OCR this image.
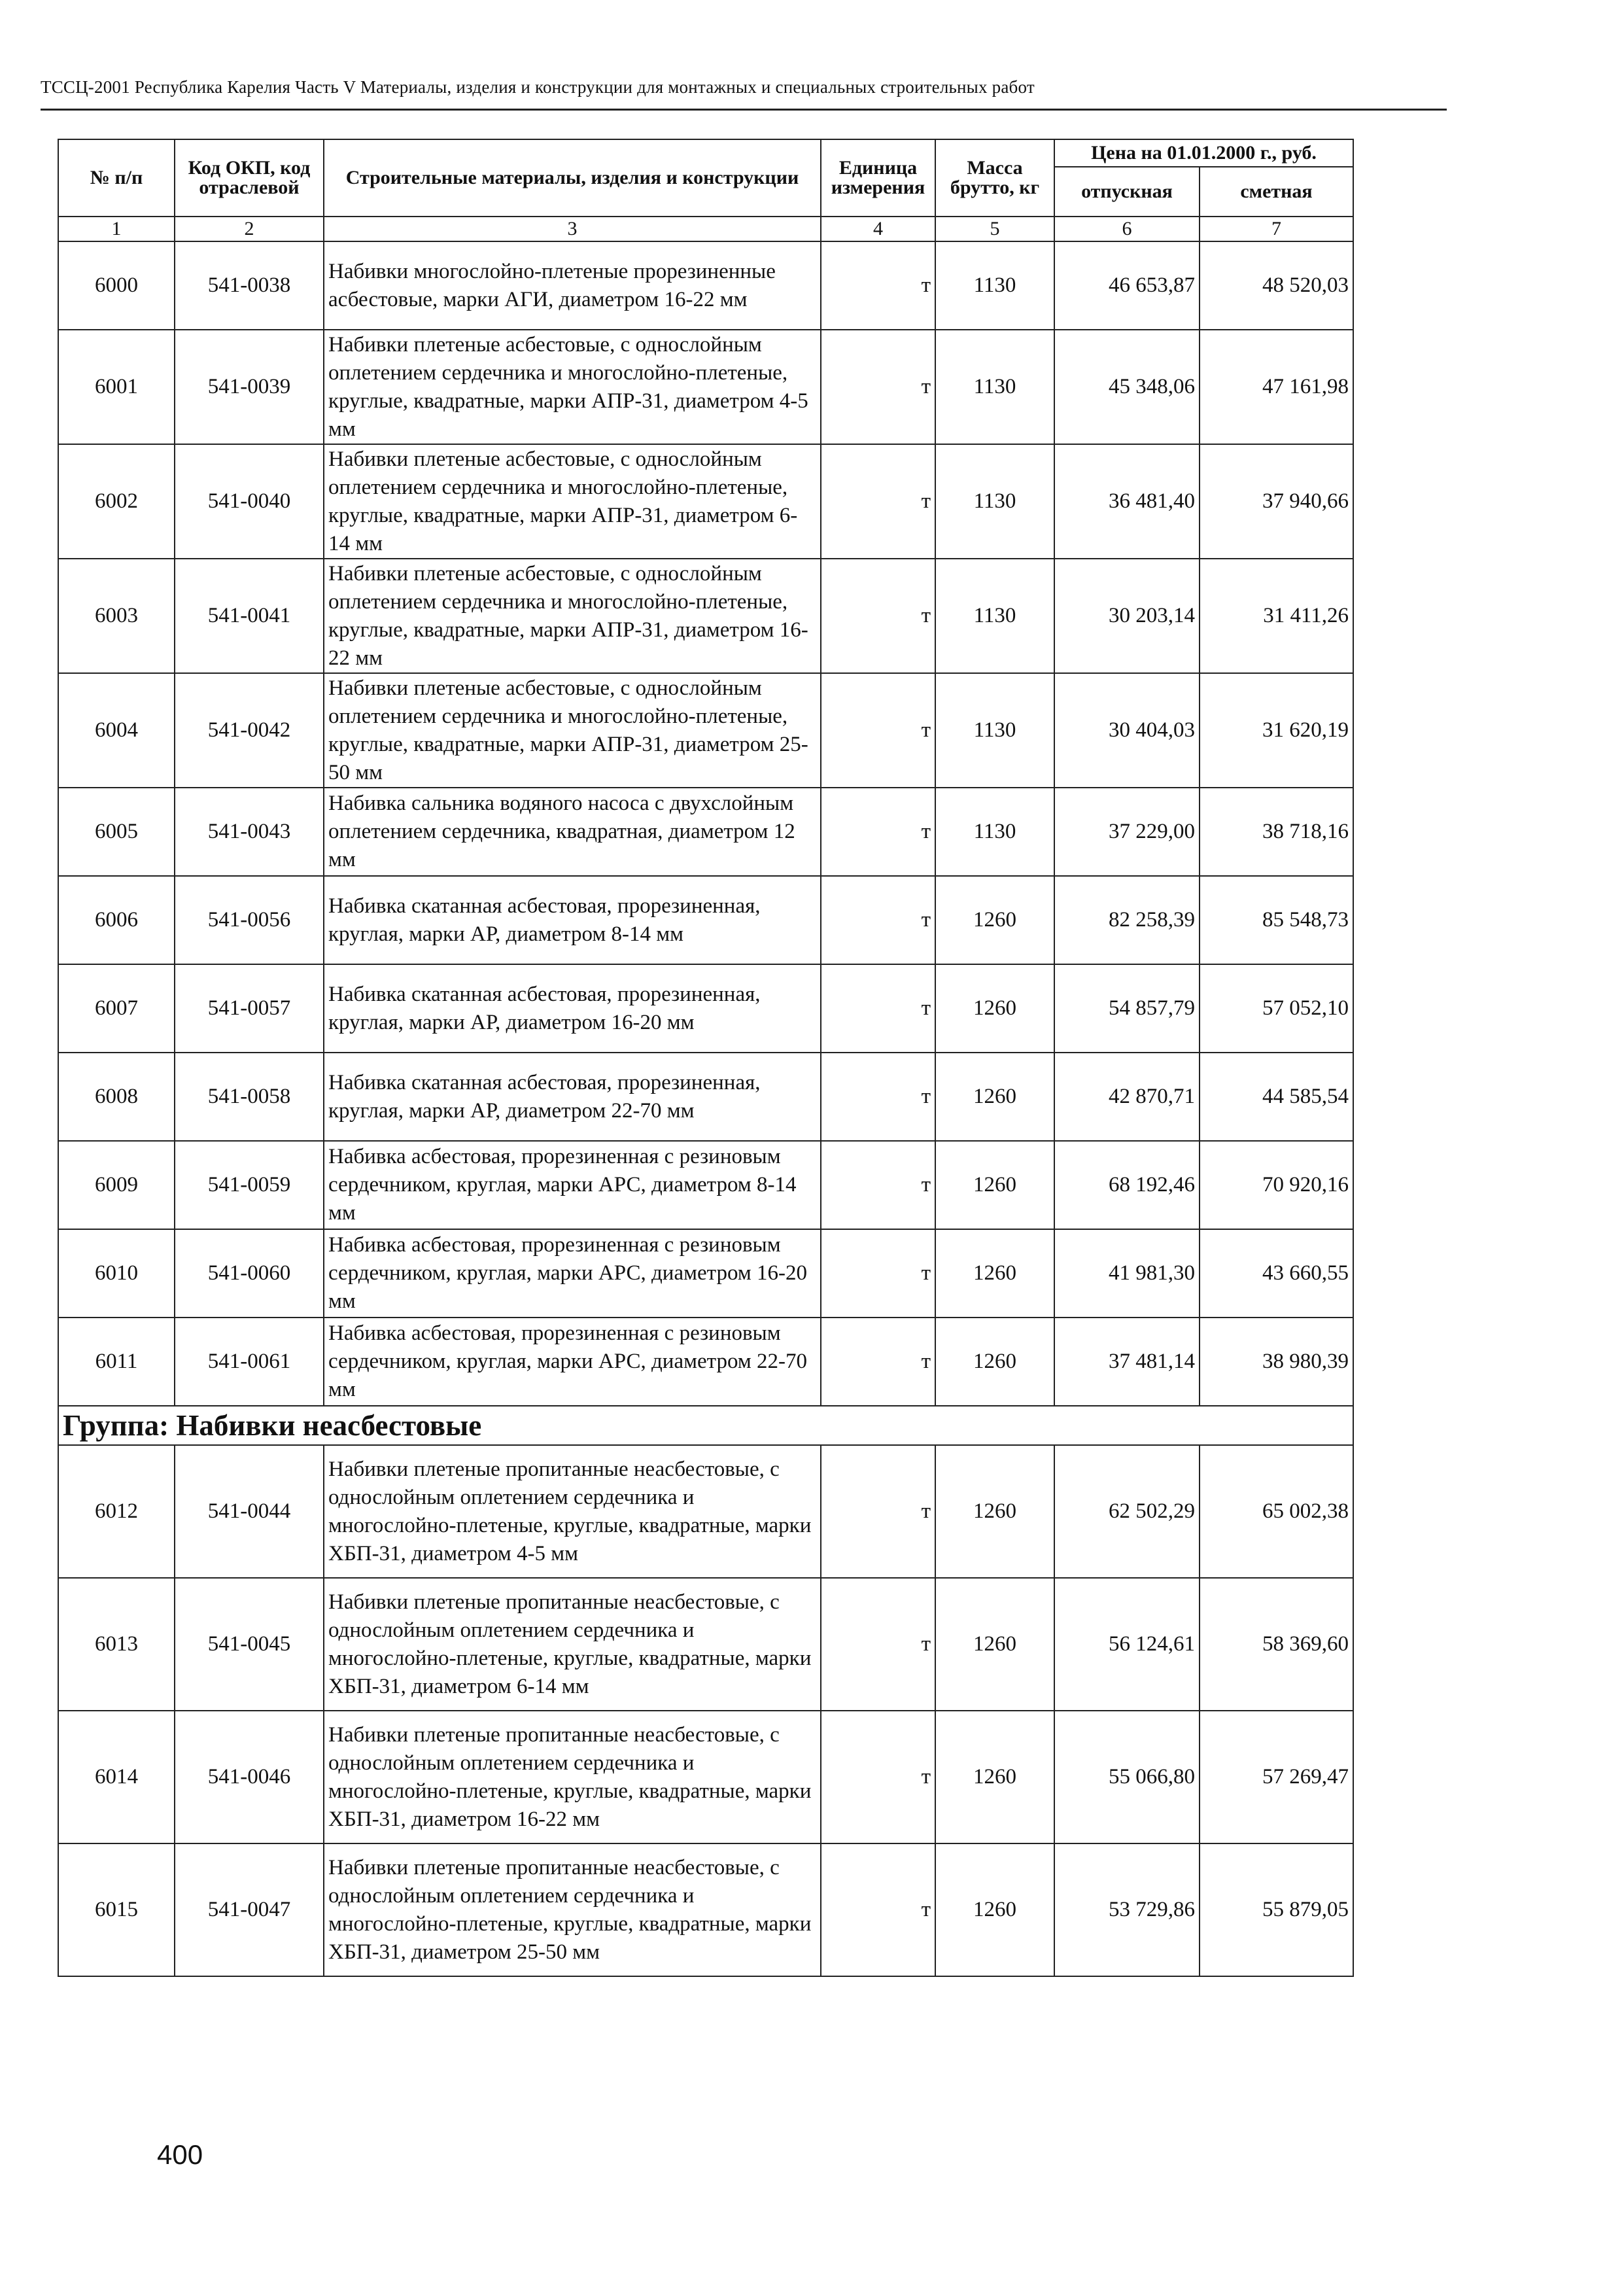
ТССЦ-2001 Республика Карелия Часть V Материалы, изделия и конструкции для монтажных и специальных строительных работ
№ п/п	Код ОКП, код отраслевой	Строительные материалы, изделия и конструкции	Единица измерения	Масса брутто, кг	Цена на 01.01.2000 г., руб.	
					отпускная	сметная
1	2	3	4	5	6	7
6000	541-0038	Набивки многослойно-плетеные прорезиненные асбестовые, марки АГИ, диаметром 16-22 мм	т	1130	46 653,87	48 520,03
6001	541-0039	Набивки плетеные асбестовые, с однослойным оплетением сердечника и многослойно-плетеные, круглые, квадратные, марки АПР-31, диаметром 4-5 мм	т	1130	45 348,06	47 161,98
6002	541-0040	Набивки плетеные асбестовые, с однослойным оплетением сердечника и многослойно-плетеные, круглые, квадратные, марки АПР-31, диаметром 6-14 мм	т	1130	36 481,40	37 940,66
6003	541-0041	Набивки плетеные асбестовые, с однослойным оплетением сердечника и многослойно-плетеные, круглые, квадратные, марки АПР-31, диаметром 16-22 мм	т	1130	30 203,14	31 411,26
6004	541-0042	Набивки плетеные асбестовые, с однослойным оплетением сердечника и многослойно-плетеные, круглые, квадратные, марки АПР-31, диаметром 25-50 мм	т	1130	30 404,03	31 620,19
6005	541-0043	Набивка сальника водяного насоса с двухслойным оплетением сердечника, квадратная, диаметром 12 мм	т	1130	37 229,00	38 718,16
6006	541-0056	Набивка скатанная асбестовая, прорезиненная, круглая, марки АР, диаметром 8-14 мм	т	1260	82 258,39	85 548,73
6007	541-0057	Набивка скатанная асбестовая, прорезиненная, круглая, марки АР, диаметром 16-20 мм	т	1260	54 857,79	57 052,10
6008	541-0058	Набивка скатанная асбестовая, прорезиненная, круглая, марки АР, диаметром 22-70 мм	т	1260	42 870,71	44 585,54
6009	541-0059	Набивка асбестовая, прорезиненная с резиновым сердечником, круглая, марки АРС, диаметром 8-14 мм	т	1260	68 192,46	70 920,16
6010	541-0060	Набивка асбестовая, прорезиненная с резиновым сердечником, круглая, марки АРС, диаметром 16-20 мм	т	1260	41 981,30	43 660,55
6011	541-0061	Набивка асбестовая, прорезиненная с резиновым сердечником, круглая, марки АРС, диаметром 22-70 мм	т	1260	37 481,14	38 980,39
Группа: Набивки неасбестовые						
6012	541-0044	Набивки плетеные пропитанные неасбестовые, с однослойным оплетением сердечника и многослойно-плетеные, круглые, квадратные, марки ХБП-31, диаметром 4-5 мм	т	1260	62 502,29	65 002,38
6013	541-0045	Набивки плетеные пропитанные неасбестовые, с однослойным оплетением сердечника и многослойно-плетеные, круглые, квадратные, марки ХБП-31, диаметром 6-14 мм	т	1260	56 124,61	58 369,60
6014	541-0046	Набивки плетеные пропитанные неасбестовые, с однослойным оплетением сердечника и многослойно-плетеные, круглые, квадратные, марки ХБП-31, диаметром 16-22 мм	т	1260	55 066,80	57 269,47
6015	541-0047	Набивки плетеные пропитанные неасбестовые, с однослойным оплетением сердечника и многослойно-плетеные, круглые, квадратные, марки ХБП-31, диаметром 25-50 мм	т	1260	53 729,86	55 879,05
400
